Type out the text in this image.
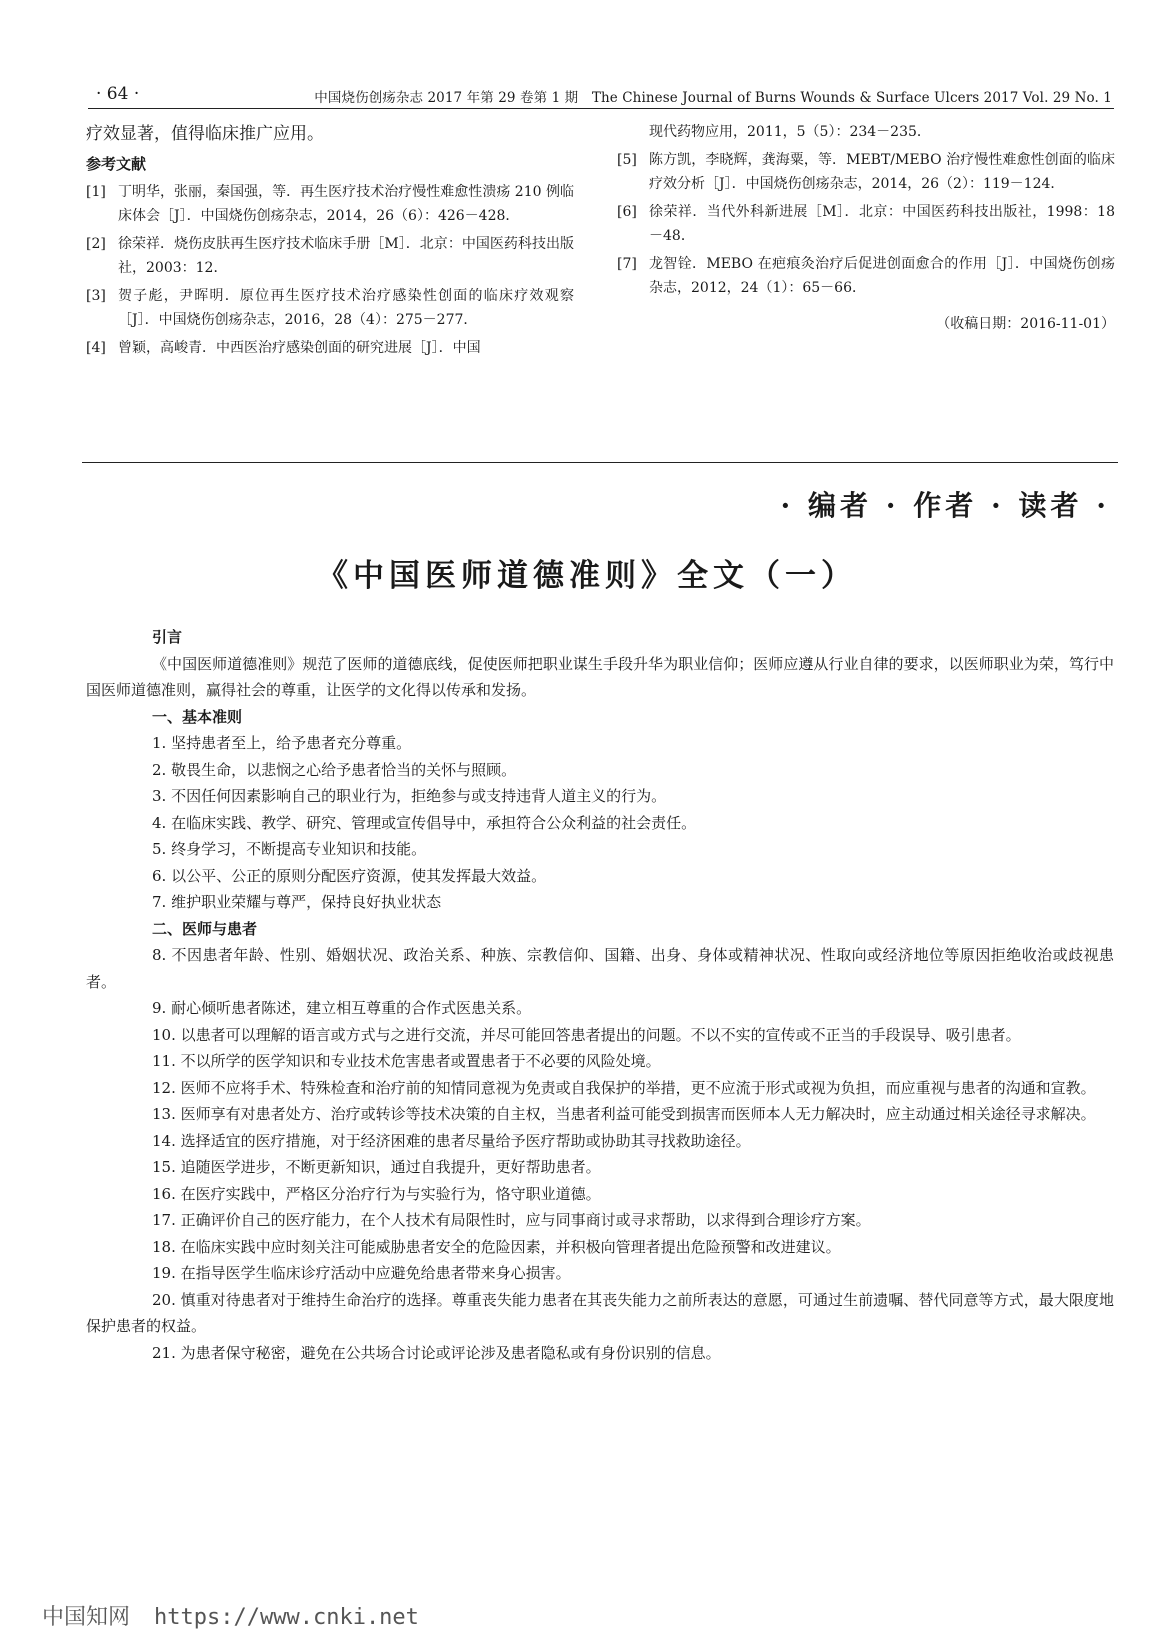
· 64 ·	中国烧伤创疡杂志 2017 年第 29 卷第 1 期　The Chinese Journal of Burns Wounds & Surface Ulcers 2017 Vol. 29 No. 1
疗效显著，值得临床推广应用。
参考文献
[1] 丁明华，张丽，秦国强，等．再生医疗技术治疗慢性难愈性溃疡 210 例临床体会［J］．中国烧伤创疡杂志，2014，26（6）：426－428．
[2] 徐荣祥．烧伤皮肤再生医疗技术临床手册［M］．北京：中国医药科技出版社，2003：12．
[3] 贺子彪，尹晖明．原位再生医疗技术治疗感染性创面的临床疗效观察［J］．中国烧伤创疡杂志，2016，28（4）：275－277．
[4] 曾颖，高峻青．中西医治疗感染创面的研究进展［J］．中国
现代药物应用，2011，5（5）：234－235．
[5] 陈方凯，李晓辉，龚海粟，等．MEBT/MEBO 治疗慢性难愈性创面的临床疗效分析［J］．中国烧伤创疡杂志，2014，26（2）：119－124．
[6] 徐荣祥．当代外科新进展［M］．北京：中国医药科技出版社，1998：18－48．
[7] 龙智铨．MEBO 在疤痕灸治疗后促进创面愈合的作用［J］．中国烧伤创疡杂志，2012，24（1）：65－66．
（收稿日期：2016-11-01）
· 编者 · 作者 · 读者 ·
《中国医师道德准则》全文（一）
引言
《中国医师道德准则》规范了医师的道德底线，促使医师把职业谋生手段升华为职业信仰；医师应遵从行业自律的要求，以医师职业为荣，笃行中国医师道德准则，赢得社会的尊重，让医学的文化得以传承和发扬。
一、基本准则
1. 坚持患者至上，给予患者充分尊重。
2. 敬畏生命，以悲悯之心给予患者恰当的关怀与照顾。
3. 不因任何因素影响自己的职业行为，拒绝参与或支持违背人道主义的行为。
4. 在临床实践、教学、研究、管理或宣传倡导中，承担符合公众利益的社会责任。
5. 终身学习，不断提高专业知识和技能。
6. 以公平、公正的原则分配医疗资源，使其发挥最大效益。
7. 维护职业荣耀与尊严，保持良好执业状态
二、医师与患者
8. 不因患者年龄、性别、婚姻状况、政治关系、种族、宗教信仰、国籍、出身、身体或精神状况、性取向或经济地位等原因拒绝收治或歧视患者。
9. 耐心倾听患者陈述，建立相互尊重的合作式医患关系。
10. 以患者可以理解的语言或方式与之进行交流，并尽可能回答患者提出的问题。不以不实的宣传或不正当的手段误导、吸引患者。
11. 不以所学的医学知识和专业技术危害患者或置患者于不必要的风险处境。
12. 医师不应将手术、特殊检查和治疗前的知情同意视为免责或自我保护的举措，更不应流于形式或视为负担，而应重视与患者的沟通和宣教。
13. 医师享有对患者处方、治疗或转诊等技术决策的自主权，当患者利益可能受到损害而医师本人无力解决时，应主动通过相关途径寻求解决。
14. 选择适宜的医疗措施，对于经济困难的患者尽量给予医疗帮助或协助其寻找救助途径。
15. 追随医学进步，不断更新知识，通过自我提升，更好帮助患者。
16. 在医疗实践中，严格区分治疗行为与实验行为，恪守职业道德。
17. 正确评价自己的医疗能力，在个人技术有局限性时，应与同事商讨或寻求帮助，以求得到合理诊疗方案。
18. 在临床实践中应时刻关注可能威胁患者安全的危险因素，并积极向管理者提出危险预警和改进建议。
19. 在指导医学生临床诊疗活动中应避免给患者带来身心损害。
20. 慎重对待患者对于维持生命治疗的选择。尊重丧失能力患者在其丧失能力之前所表达的意愿，可通过生前遗嘱、替代同意等方式，最大限度地保护患者的权益。
21. 为患者保守秘密，避免在公共场合讨论或评论涉及患者隐私或有身份识别的信息。
中国知网 https://www.cnki.net
